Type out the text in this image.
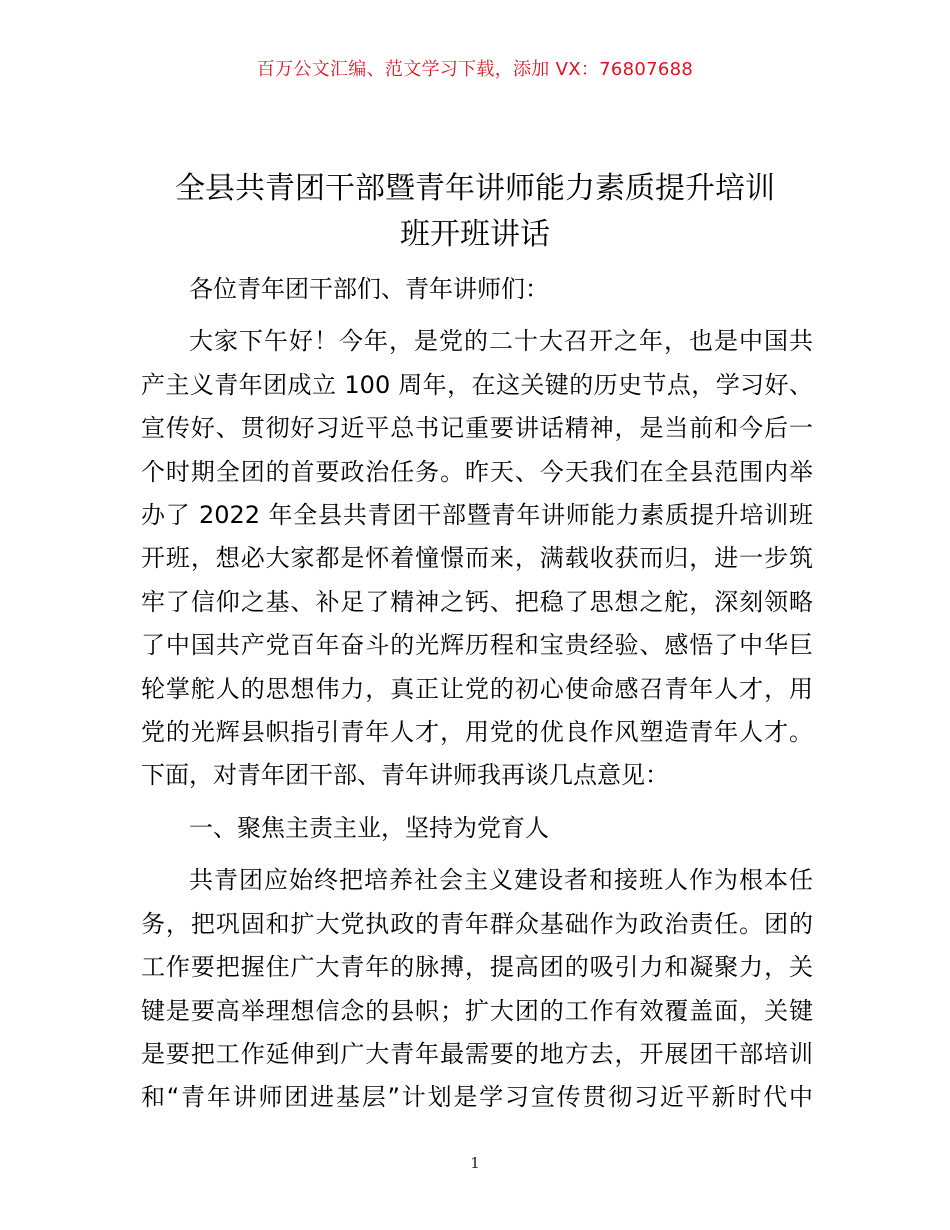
百万公文汇编、范文学习下载，添加 VX：76807688
全县共青团干部暨青年讲师能力素质提升培训
班开班讲话

各位青年团干部们、青年讲师们：

大家下午好！今年，是党的二十大召开之年，也是中国共
产主义青年团成立 100 周年，在这关键的历史节点，学习好、
宣传好、贯彻好习近平总书记重要讲话精神，是当前和今后一
个时期全团的首要政治任务。昨天、今天我们在全县范围内举
办了 2022 年全县共青团干部暨青年讲师能力素质提升培训班
开班，想必大家都是怀着憧憬而来，满载收获而归，进一步筑
牢了信仰之基、补足了精神之钙、把稳了思想之舵，深刻领略
了中国共产党百年奋斗的光辉历程和宝贵经验、感悟了中华巨
轮掌舵人的思想伟力，真正让党的初心使命感召青年人才，用
党的光辉县帜指引青年人才，用党的优良作风塑造青年人才。
下面，对青年团干部、青年讲师我再谈几点意见：

一、聚焦主责主业，坚持为党育人

共青团应始终把培养社会主义建设者和接班人作为根本任
务，把巩固和扩大党执政的青年群众基础作为政治责任。团的
工作要把握住广大青年的脉搏，提高团的吸引力和凝聚力，关
键是要高举理想信念的县帜；扩大团的工作有效覆盖面，关键
是要把工作延伸到广大青年最需要的地方去，开展团干部培训
和“青年讲师团进基层”计划是学习宣传贯彻习近平新时代中
1
